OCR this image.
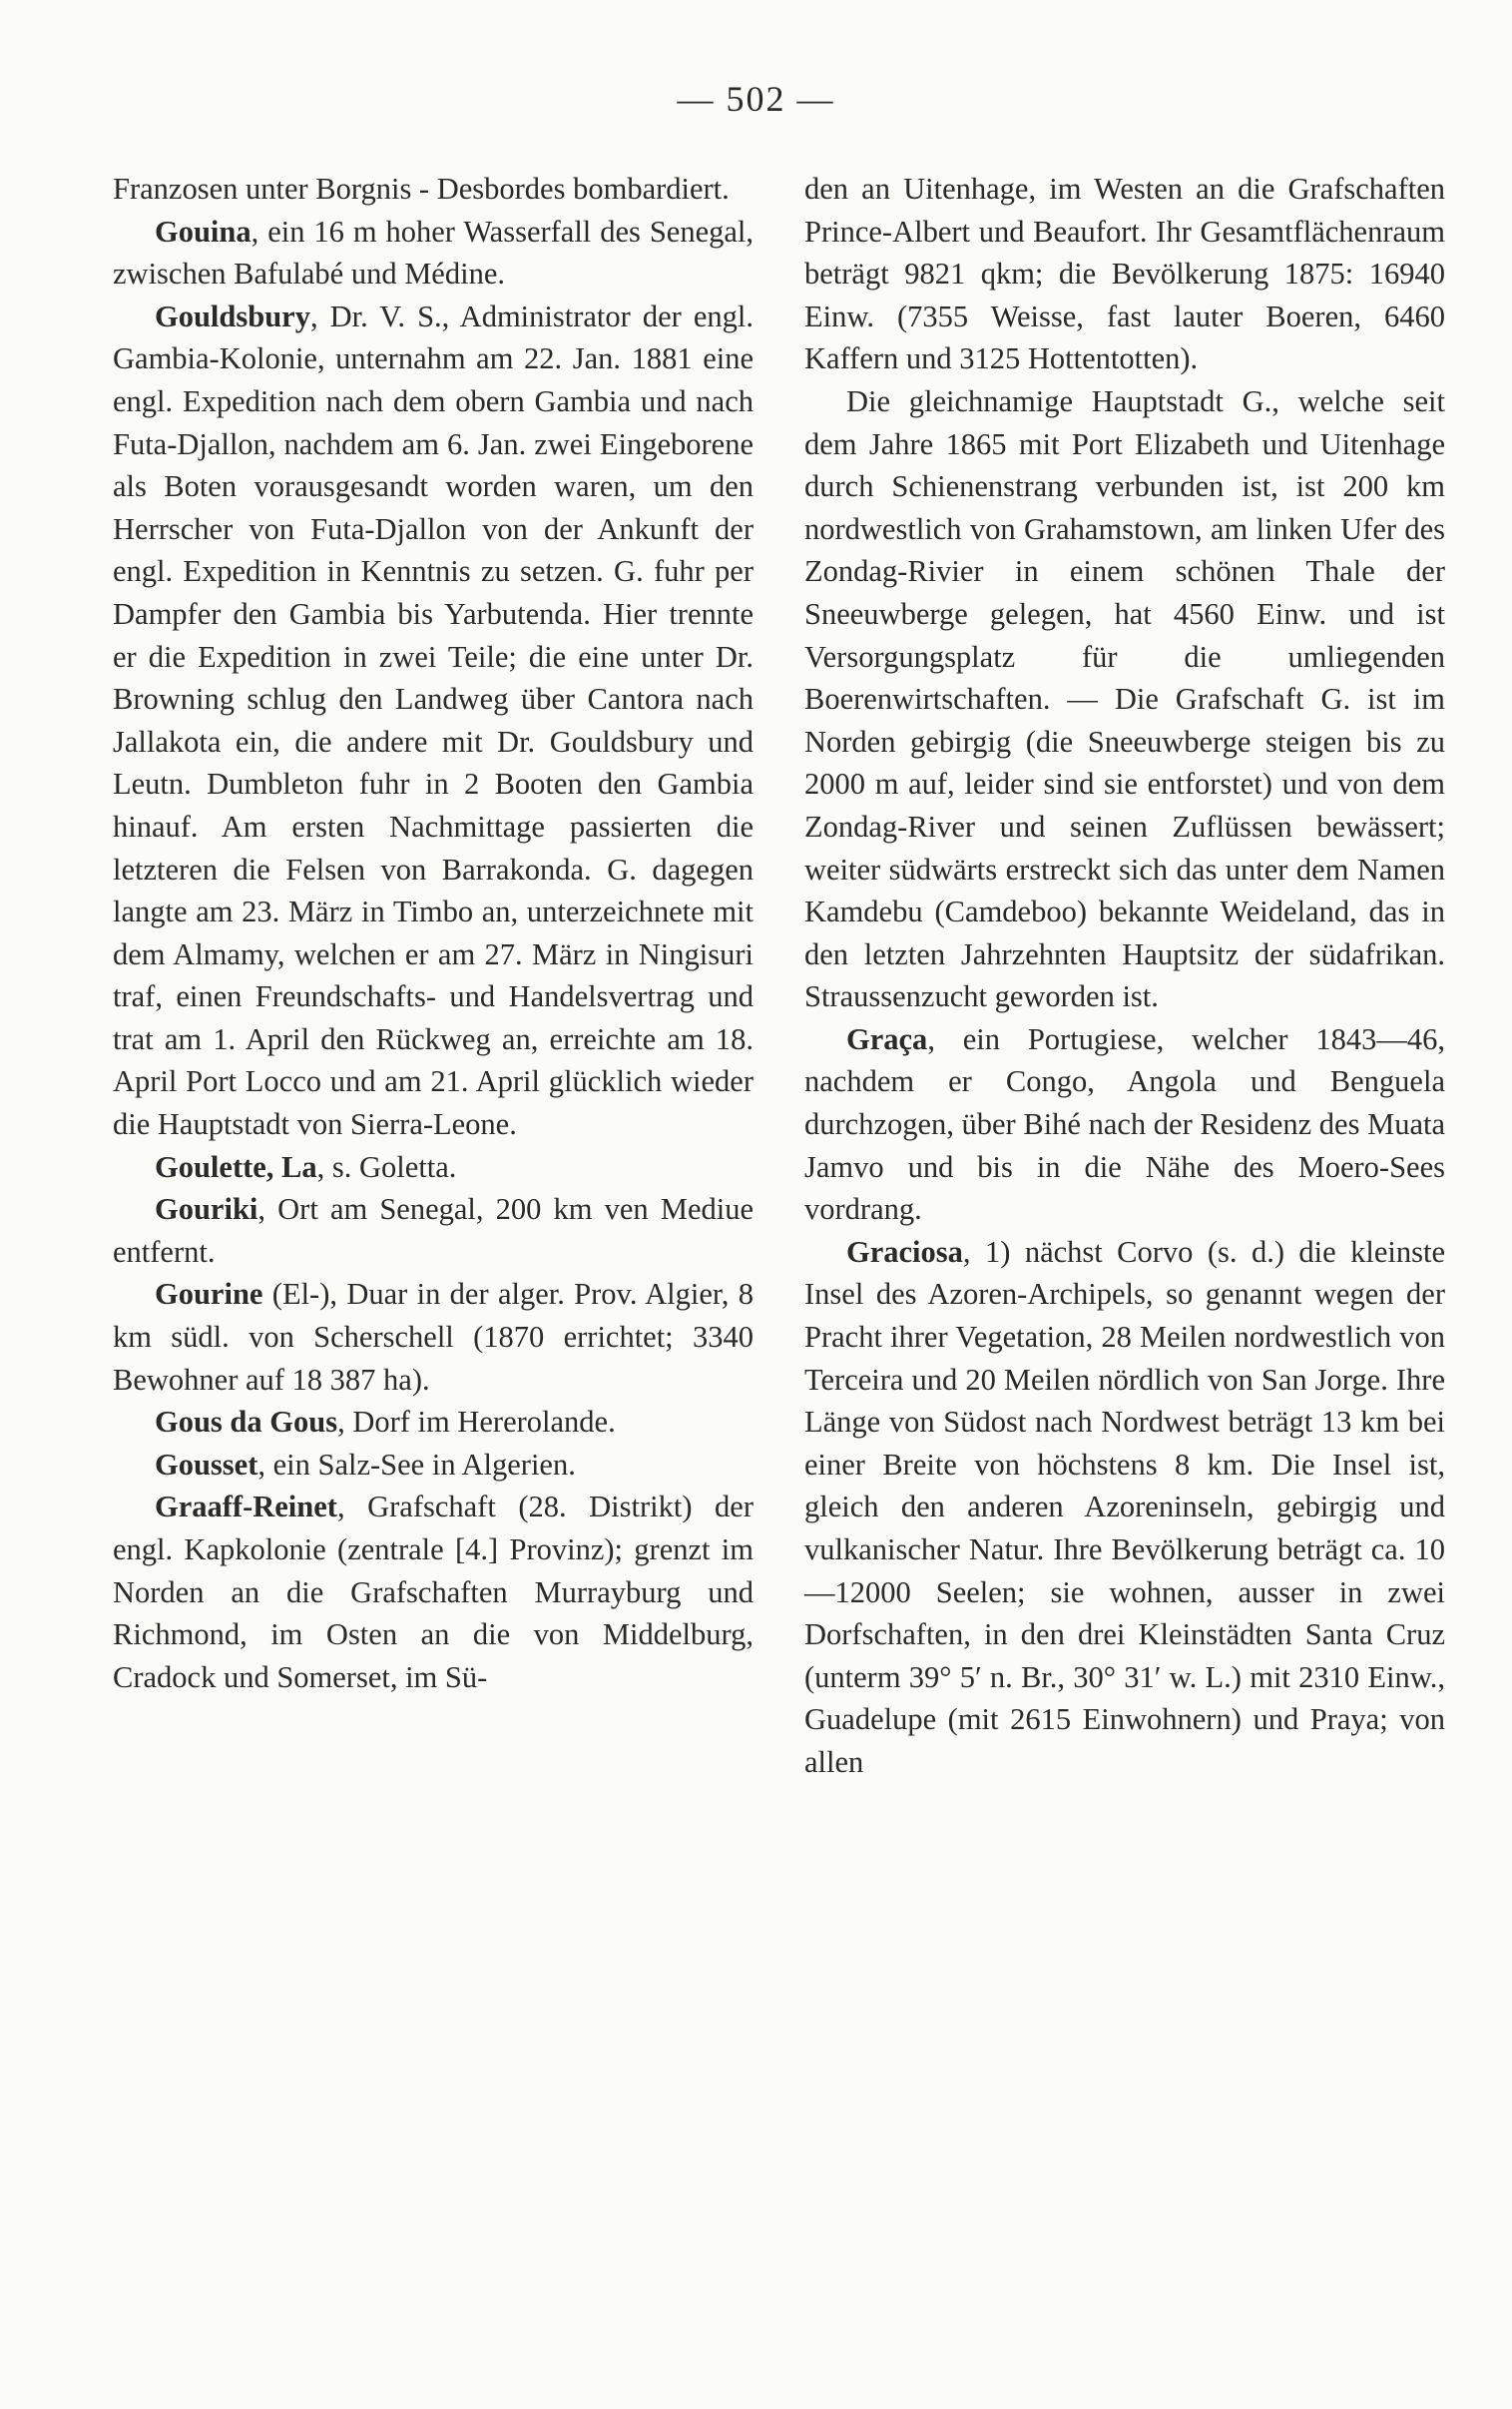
— 502 —

Franzosen unter Borgnis - Desbordes bombardiert.

Gouina, ein 16 m hoher Wasserfall des Senegal, zwischen Bafulabé und Médine.

Gouldsbury, Dr. V. S., Administrator der engl. Gambia-Kolonie, unternahm am 22. Jan. 1881 eine engl. Expedition nach dem obern Gambia und nach Futa-Djallon, nachdem am 6. Jan. zwei Eingeborene als Boten vorausgesandt worden waren, um den Herrscher von Futa-Djallon von der Ankunft der engl. Expedition in Kenntnis zu setzen. G. fuhr per Dampfer den Gambia bis Yarbutenda. Hier trennte er die Expedition in zwei Teile; die eine unter Dr. Browning schlug den Landweg über Cantora nach Jallakota ein, die andere mit Dr. Gouldsbury und Leutn. Dumbleton fuhr in 2 Booten den Gambia hinauf. Am ersten Nachmittage passierten die letzteren die Felsen von Barrakonda. G. dagegen langte am 23. März in Timbo an, unterzeichnete mit dem Almamy, welchen er am 27. März in Ningisuri traf, einen Freundschafts- und Handelsvertrag und trat am 1. April den Rückweg an, erreichte am 18. April Port Locco und am 21. April glücklich wieder die Hauptstadt von Sierra-Leone.

Goulette, La, s. Goletta.

Gouriki, Ort am Senegal, 200 km ven Mediue entfernt.

Gourine (El-), Duar in der alger. Prov. Algier, 8 km südl. von Scherschell (1870 errichtet; 3340 Bewohner auf 18 387 ha).

Gous da Gous, Dorf im Hererolande.

Gousset, ein Salz-See in Algerien.

Graaff-Reinet, Grafschaft (28. Distrikt) der engl. Kapkolonie (zentrale [4.] Provinz); grenzt im Norden an die Grafschaften Murrayburg und Richmond, im Osten an die von Middelburg, Cradock und Somerset, im Sü-

den an Uitenhage, im Westen an die Grafschaften Prince-Albert und Beaufort. Ihr Gesamtflächenraum beträgt 9821 qkm; die Bevölkerung 1875: 16940 Einw. (7355 Weisse, fast lauter Boeren, 6460 Kaffern und 3125 Hottentotten).

Die gleichnamige Hauptstadt G., welche seit dem Jahre 1865 mit Port Elizabeth und Uitenhage durch Schienenstrang verbunden ist, ist 200 km nordwestlich von Grahamstown, am linken Ufer des Zondag-Rivier in einem schönen Thale der Sneeuwberge gelegen, hat 4560 Einw. und ist Versorgungsplatz für die umliegenden Boerenwirtschaften. — Die Grafschaft G. ist im Norden gebirgig (die Sneeuwberge steigen bis zu 2000 m auf, leider sind sie entforstet) und von dem Zondag-River und seinen Zuflüssen bewässert; weiter südwärts erstreckt sich das unter dem Namen Kamdebu (Camdeboo) bekannte Weideland, das in den letzten Jahrzehnten Hauptsitz der südafrikan. Straussenzucht geworden ist.

Graça, ein Portugiese, welcher 1843—46, nachdem er Congo, Angola und Benguela durchzogen, über Bihé nach der Residenz des Muata Jamvo und bis in die Nähe des Moero-Sees vordrang.

Graciosa, 1) nächst Corvo (s. d.) die kleinste Insel des Azoren-Archipels, so genannt wegen der Pracht ihrer Vegetation, 28 Meilen nordwestlich von Terceira und 20 Meilen nördlich von San Jorge. Ihre Länge von Südost nach Nordwest beträgt 13 km bei einer Breite von höchstens 8 km. Die Insel ist, gleich den anderen Azoreninseln, gebirgig und vulkanischer Natur. Ihre Bevölkerung beträgt ca. 10—12000 Seelen; sie wohnen, ausser in zwei Dorfschaften, in den drei Kleinstädten Santa Cruz (unterm 39° 5′ n. Br., 30° 31′ w. L.) mit 2310 Einw., Guadelupe (mit 2615 Einwohnern) und Praya; von allen
